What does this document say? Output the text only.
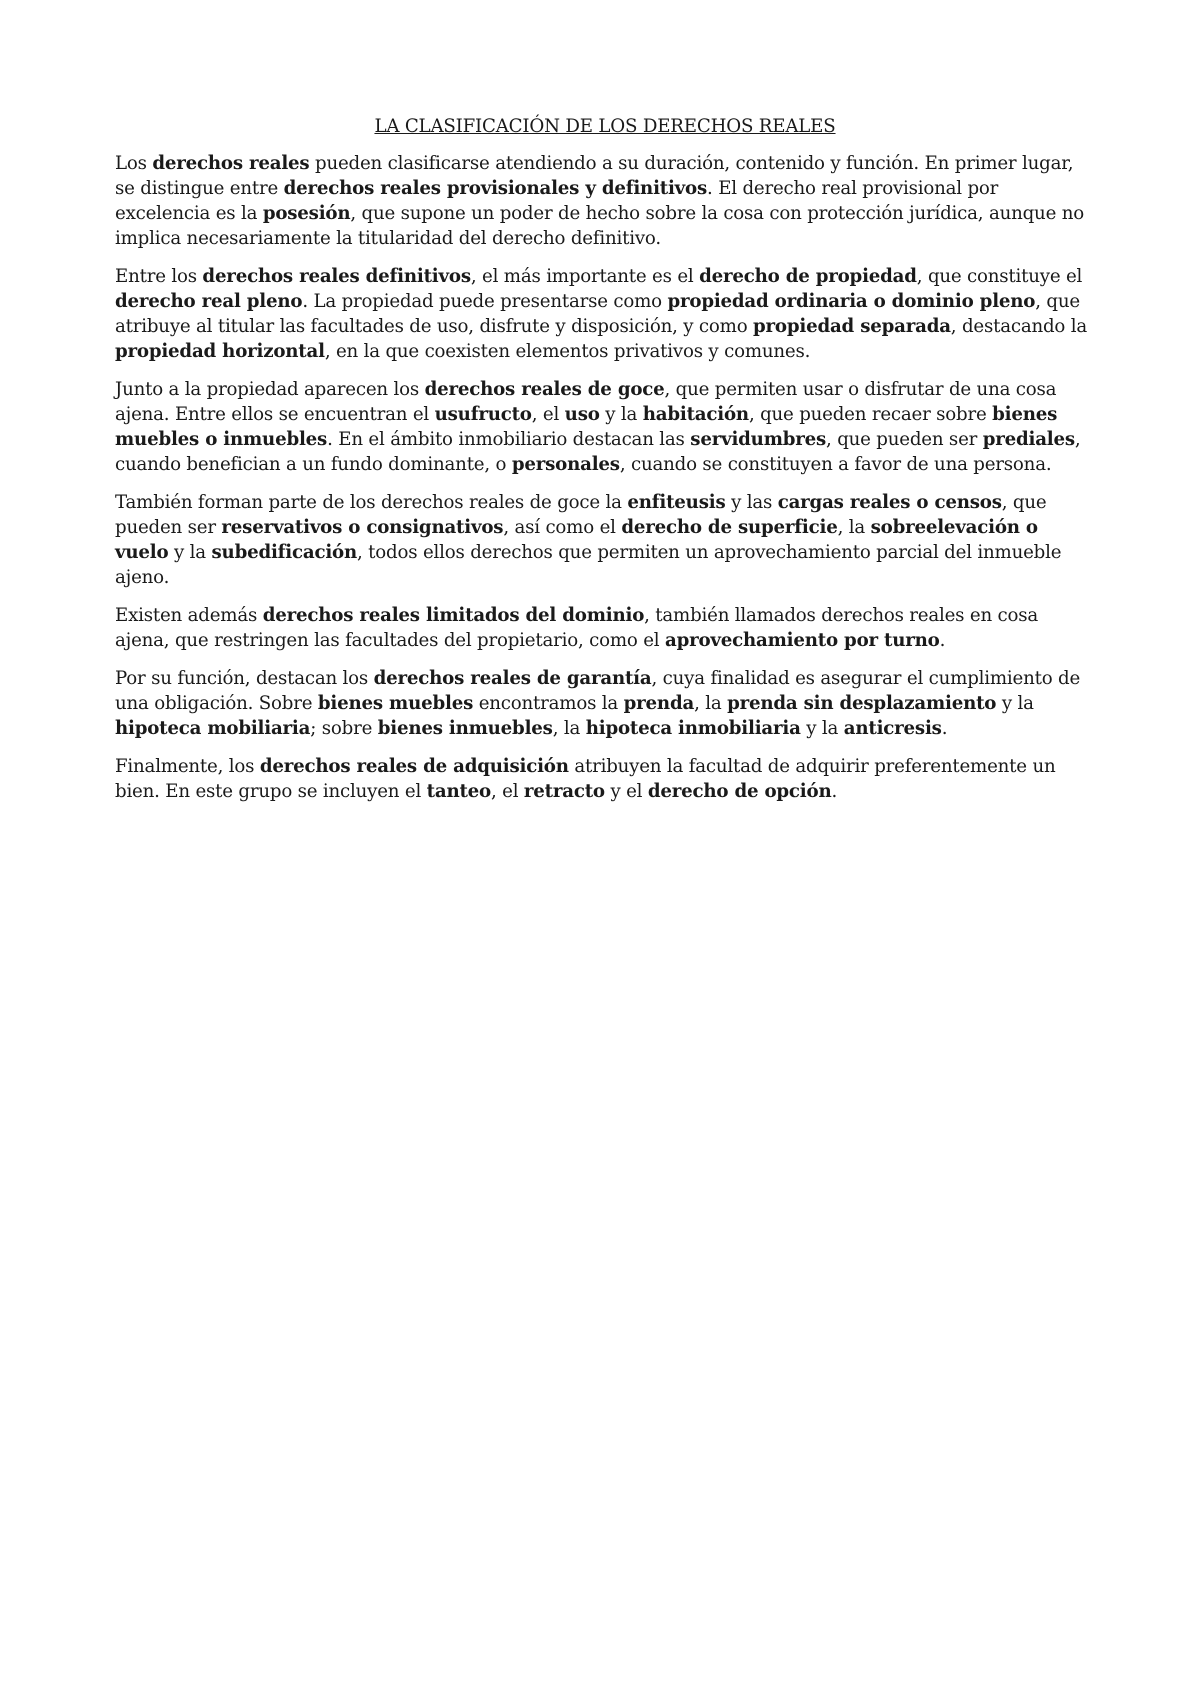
LA CLASIFICACIÓN DE LOS DERECHOS REALES

Los derechos reales pueden clasificarse atendiendo a su duración, contenido y función. En primer lugar, se distingue entre derechos reales provisionales y definitivos. El derecho real provisional por excelencia es la posesión, que supone un poder de hecho sobre la cosa con protección jurídica, aunque no implica necesariamente la titularidad del derecho definitivo.

Entre los derechos reales definitivos, el más importante es el derecho de propiedad, que constituye el derecho real pleno. La propiedad puede presentarse como propiedad ordinaria o dominio pleno, que atribuye al titular las facultades de uso, disfrute y disposición, y como propiedad separada, destacando la propiedad horizontal, en la que coexisten elementos privativos y comunes.

Junto a la propiedad aparecen los derechos reales de goce, que permiten usar o disfrutar de una cosa ajena. Entre ellos se encuentran el usufructo, el uso y la habitación, que pueden recaer sobre bienes muebles o inmuebles. En el ámbito inmobiliario destacan las servidumbres, que pueden ser prediales, cuando benefician a un fundo dominante, o personales, cuando se constituyen a favor de una persona.

También forman parte de los derechos reales de goce la enfiteusis y las cargas reales o censos, que pueden ser reservativos o consignativos, así como el derecho de superficie, la sobreelevación o vuelo y la subedificación, todos ellos derechos que permiten un aprovechamiento parcial del inmueble ajeno.

Existen además derechos reales limitados del dominio, también llamados derechos reales en cosa ajena, que restringen las facultades del propietario, como el aprovechamiento por turno.

Por su función, destacan los derechos reales de garantía, cuya finalidad es asegurar el cumplimiento de una obligación. Sobre bienes muebles encontramos la prenda, la prenda sin desplazamiento y la hipoteca mobiliaria; sobre bienes inmuebles, la hipoteca inmobiliaria y la anticresis.

Finalmente, los derechos reales de adquisición atribuyen la facultad de adquirir preferentemente un bien. En este grupo se incluyen el tanteo, el retracto y el derecho de opción.
